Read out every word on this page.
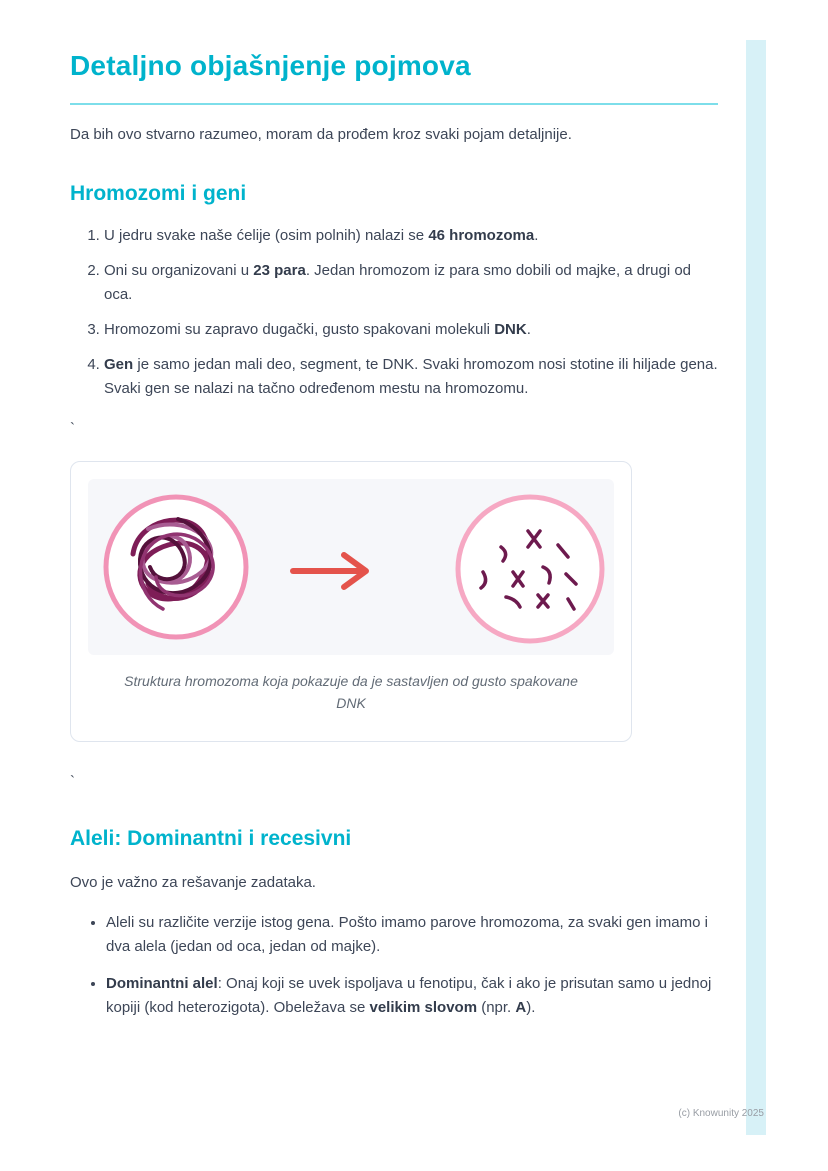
Detaljno objašnjenje pojmova

Da bih ovo stvarno razumeo, moram da prođem kroz svaki pojam detaljnije.

Hromozomi i geni
1. U jedru svake naše ćelije (osim polnih) nalazi se 46 hromozoma.
2. Oni su organizovani u 23 para. Jedan hromozom iz para smo dobili od majke, a drugi od oca.
3. Hromozomi su zapravo dugački, gusto spakovani molekuli DNK.
4. Gen je samo jedan mali deo, segment, te DNK. Svaki hromozom nosi stotine ili hiljade gena. Svaki gen se nalazi na tačno određenom mestu na hromozomu.
`
Struktura hromozoma koja pokazuje da je sastavljen od gusto spakovane DNK
`
Aleli: Dominantni i recesivni

Ovo je važno za rešavanje zadataka.

• Aleli su različite verzije istog gena. Pošto imamo parove hromozoma, za svaki gen imamo i dva alela (jedan od oca, jedan od majke).
• Dominantni alel: Onaj koji se uvek ispoljava u fenotipu, čak i ako je prisutan samo u jednoj kopiji (kod heterozigota). Obeležava se velikim slovom (npr. A).
(c) Knowunity 2025
